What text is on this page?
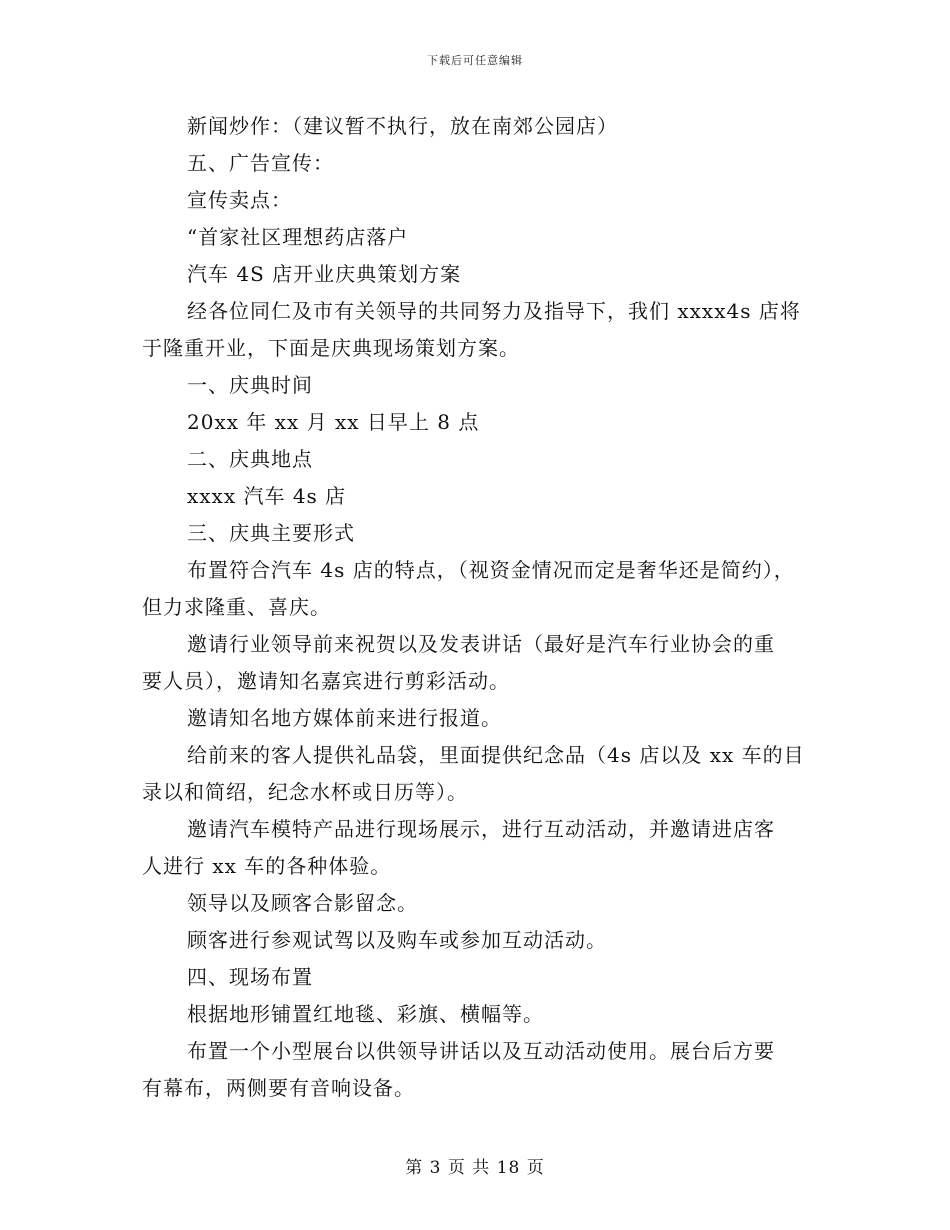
下载后可任意编辑
新闻炒作：（建议暂不执行，放在南郊公园店）
五、广告宣传：
宣传卖点：
“首家社区理想药店落户
汽车 4S 店开业庆典策划方案
经各位同仁及市有关领导的共同努力及指导下，我们 xxxx4s 店将
于隆重开业，下面是庆典现场策划方案。
一、庆典时间
20xx 年 xx 月 xx 日早上 8 点
二、庆典地点
xxxx 汽车 4s 店
三、庆典主要形式
布置符合汽车 4s 店的特点，（视资金情况而定是奢华还是简约），
但力求隆重、喜庆。
邀请行业领导前来祝贺以及发表讲话（最好是汽车行业协会的重
要人员），邀请知名嘉宾进行剪彩活动。
邀请知名地方媒体前来进行报道。
给前来的客人提供礼品袋，里面提供纪念品（4s 店以及 xx 车的目
录以和简绍，纪念水杯或日历等）。
邀请汽车模特产品进行现场展示，进行互动活动，并邀请进店客
人进行 xx 车的各种体验。
领导以及顾客合影留念。
顾客进行参观试驾以及购车或参加互动活动。
四、现场布置
根据地形铺置红地毯、彩旗、横幅等。
布置一个小型展台以供领导讲话以及互动活动使用。展台后方要
有幕布，两侧要有音响设备。
第 3 页 共 18 页
